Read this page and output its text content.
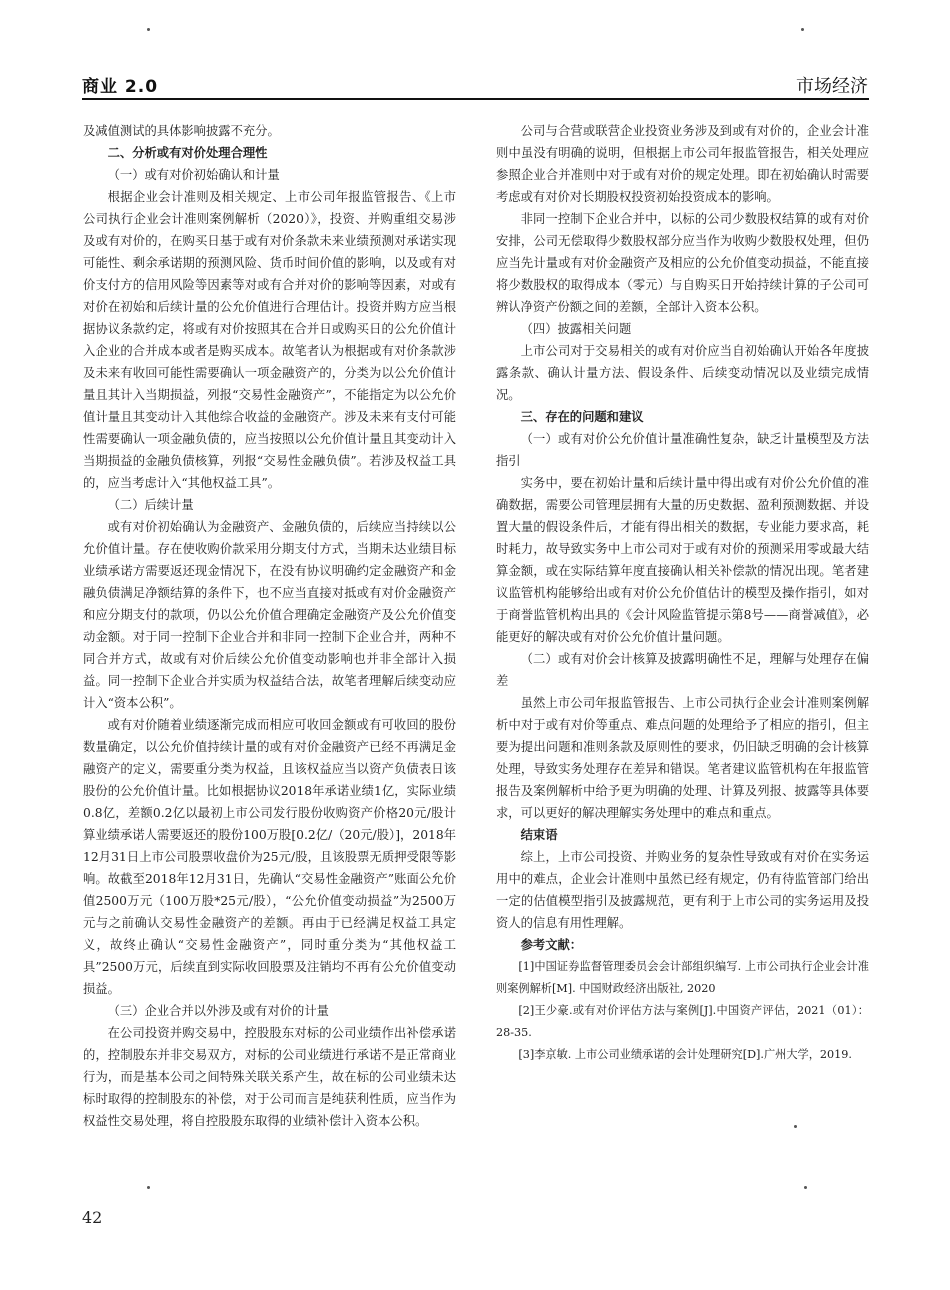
商业 2.0	市场经济

及减值测试的具体影响披露不充分。

二、分析或有对价处理合理性
（一）或有对价初始确认和计量

根据企业会计准则及相关规定、上市公司年报监管报告、《上市公司执行企业会计准则案例解析（2020）》，投资、并购重组交易涉及或有对价的，在购买日基于或有对价条款未来业绩预测对承诺实现可能性、剩余承诺期的预测风险、货币时间价值的影响，以及或有对价支付方的信用风险等因素等对或有合并对价的影响等因素，对或有对价在初始和后续计量的公允价值进行合理估计。投资并购方应当根据协议条款约定，将或有对价按照其在合并日或购买日的公允价值计入企业的合并成本或者是购买成本。故笔者认为根据或有对价条款涉及未来有收回可能性需要确认一项金融资产的，分类为以公允价值计量且其计入当期损益，列报“交易性金融资产”，不能指定为以公允价值计量且其变动计入其他综合收益的金融资产。涉及未来有支付可能性需要确认一项金融负债的，应当按照以公允价值计量且其变动计入当期损益的金融负债核算，列报“交易性金融负债”。若涉及权益工具的，应当考虑计入“其他权益工具”。

（二）后续计量

或有对价初始确认为金融资产、金融负债的，后续应当持续以公允价值计量。存在使收购价款采用分期支付方式，当期未达业绩目标业绩承诺方需要返还现金情况下，在没有协议明确约定金融资产和金融负债满足净额结算的条件下，也不应当直接对抵或有对价金融资产和应分期支付的款项，仍以公允价值合理确定金融资产及公允价值变动金额。对于同一控制下企业合并和非同一控制下企业合并，两种不同合并方式，故或有对价后续公允价值变动影响也并非全部计入损益。同一控制下企业合并实质为权益结合法，故笔者理解后续变动应计入“资本公积”。

或有对价随着业绩逐渐完成而相应可收回金额或有可收回的股份数量确定，以公允价值持续计量的或有对价金融资产已经不再满足金融资产的定义，需要重分类为权益，且该权益应当以资产负债表日该股份的公允价值计量。比如根据协议2018年承诺业绩1亿，实际业绩0.8亿，差额0.2亿以最初上市公司发行股份收购资产价格20元/股计算业绩承诺人需要返还的股份100万股[0.2亿/（20元/股）]，2018年12月31日上市公司股票收盘价为25元/股，且该股票无质押受限等影响。故截至2018年12月31日，先确认“交易性金融资产”账面公允价值2500万元（100万股*25元/股），“公允价值变动损益”为2500万元与之前确认交易性金融资产的差额。再由于已经满足权益工具定义，故终止确认“交易性金融资产”，同时重分类为“其他权益工具”2500万元，后续直到实际收回股票及注销均不再有公允价值变动损益。

（三）企业合并以外涉及或有对价的计量

在公司投资并购交易中，控股股东对标的公司业绩作出补偿承诺的，控制股东并非交易双方，对标的公司业绩进行承诺不是正常商业行为，而是基本公司之间特殊关联关系产生，故在标的公司业绩未达标时取得的控制股东的补偿，对于公司而言是纯获利性质，应当作为权益性交易处理，将自控股股东取得的业绩补偿计入资本公积。

公司与合营或联营企业投资业务涉及到或有对价的，企业会计准则中虽没有明确的说明，但根据上市公司年报监管报告，相关处理应参照企业合并准则中对于或有对价的规定处理。即在初始确认时需要考虑或有对价对长期股权投资初始投资成本的影响。

非同一控制下企业合并中，以标的公司少数股权结算的或有对价安排，公司无偿取得少数股权部分应当作为收购少数股权处理，但仍应当先计量或有对价金融资产及相应的公允价值变动损益，不能直接将少数股权的取得成本（零元）与自购买日开始持续计算的子公司可辨认净资产份额之间的差额，全部计入资本公积。

（四）披露相关问题

上市公司对于交易相关的或有对价应当自初始确认开始各年度披露条款、确认计量方法、假设条件、后续变动情况以及业绩完成情况。

三、存在的问题和建议
（一）或有对价公允价值计量准确性复杂，缺乏计量模型及方法指引

实务中，要在初始计量和后续计量中得出或有对价公允价值的准确数据，需要公司管理层拥有大量的历史数据、盈利预测数据、并设置大量的假设条件后，才能有得出相关的数据，专业能力要求高，耗时耗力，故导致实务中上市公司对于或有对价的预测采用零或最大结算金额，或在实际结算年度直接确认相关补偿款的情况出现。笔者建议监管机构能够给出或有对价公允价值估计的模型及操作指引，如对于商誉监管机构出具的《会计风险监管提示第8号——商誉减值》，必能更好的解决或有对价公允价值计量问题。

（二）或有对价会计核算及披露明确性不足，理解与处理存在偏差

虽然上市公司年报监管报告、上市公司执行企业会计准则案例解析中对于或有对价等重点、难点问题的处理给予了相应的指引，但主要为提出问题和准则条款及原则性的要求，仍旧缺乏明确的会计核算处理，导致实务处理存在差异和错误。笔者建议监管机构在年报监管报告及案例解析中给予更为明确的处理、计算及列报、披露等具体要求，可以更好的解决理解实务处理中的难点和重点。

结束语

综上，上市公司投资、并购业务的复杂性导致或有对价在实务运用中的难点，企业会计准则中虽然已经有规定，仍有待监管部门给出一定的估值模型指引及披露规范，更有利于上市公司的实务运用及投资人的信息有用性理解。

参考文献：

[1]中国证券监督管理委员会会计部组织编写. 上市公司执行企业会计准则案例解析[M]. 中国财政经济出版社, 2020

[2]王少豪.或有对价评估方法与案例[J].中国资产评估，2021（01）：28-35.

[3]李京敏. 上市公司业绩承诺的会计处理研究[D].广州大学，2019.

42
